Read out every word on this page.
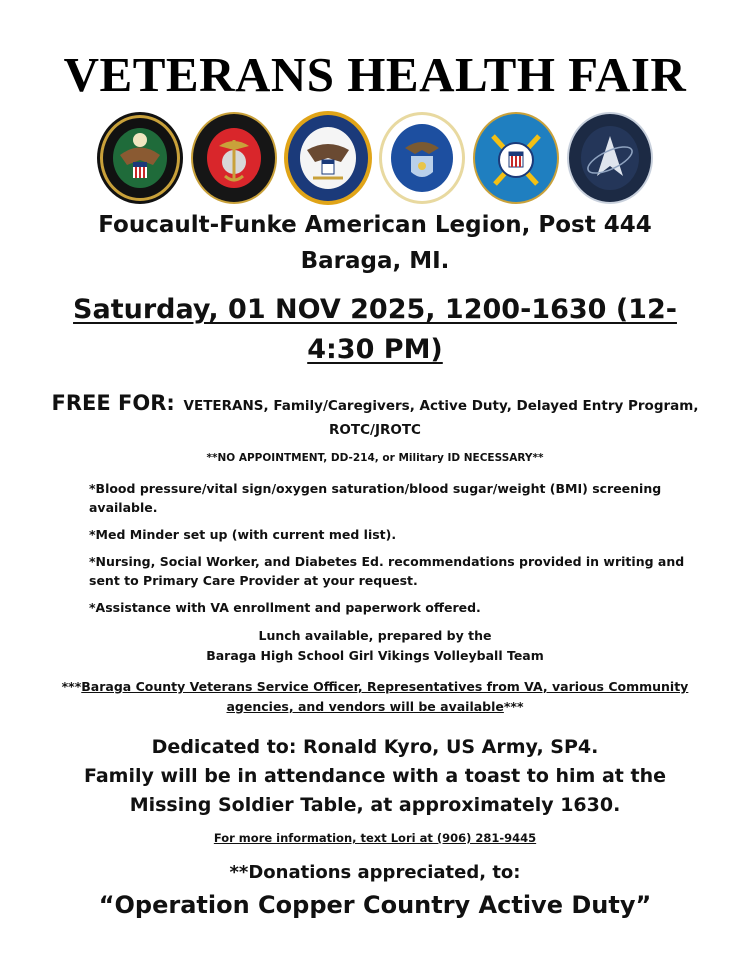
VETERANS HEALTH FAIR
Foucault-Funke American Legion, Post 444
Baraga, MI.
Saturday, 01 NOV 2025, 1200-1630 (12-4:30 PM)
FREE FOR: VETERANS, Family/Caregivers, Active Duty, Delayed Entry Program, ROTC/JROTC
**NO APPOINTMENT, DD-214, or Military ID NECESSARY**

*Blood pressure/vital sign/oxygen saturation/blood sugar/weight (BMI) screening available.

*Med Minder set up (with current med list).

*Nursing, Social Worker, and Diabetes Ed. recommendations provided in writing and sent to Primary Care Provider at your request.

*Assistance with VA enrollment and paperwork offered.

Lunch available, prepared by the
Baraga High School Girl Vikings Volleyball Team
***Baraga County Veterans Service Officer, Representatives from VA, various Community agencies, and vendors will be available***
Dedicated to: Ronald Kyro, US Army, SP4.
Family will be in attendance with a toast to him at the
Missing Soldier Table, at approximately 1630.
For more information, text Lori at (906) 281-9445
**Donations appreciated, to:
“Operation Copper Country Active Duty”
